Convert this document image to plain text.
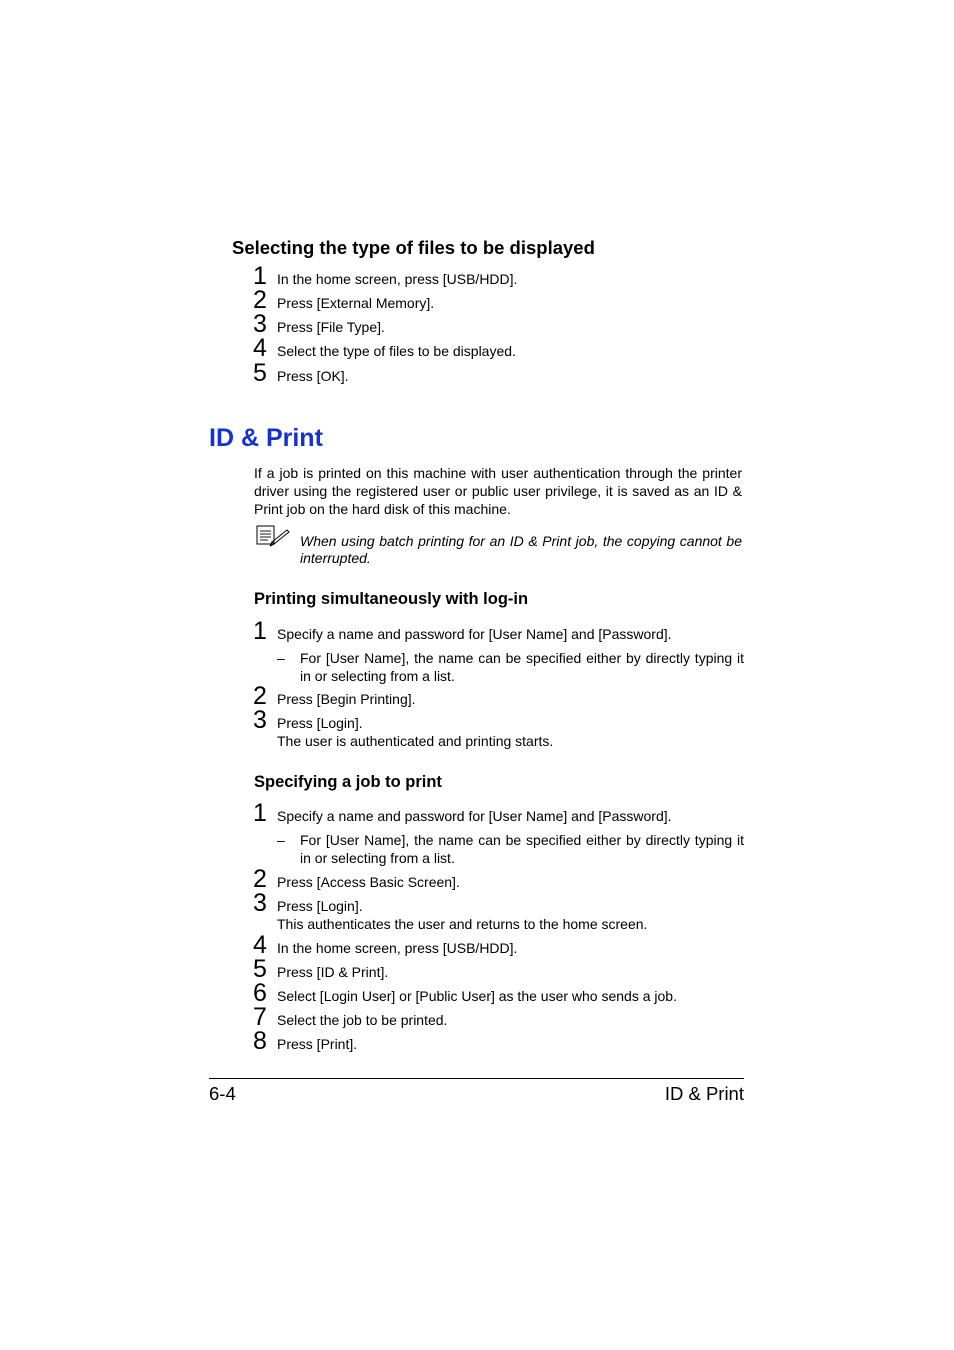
Selecting the type of files to be displayed
1 In the home screen, press [USB/HDD].
2 Press [External Memory].
3 Press [File Type].
4 Select the type of files to be displayed.
5 Press [OK].
ID & Print
If a job is printed on this machine with user authentication through the printer driver using the registered user or public user privilege, it is saved as an ID & Print job on the hard disk of this machine.
When using batch printing for an ID & Print job, the copying cannot be interrupted.
Printing simultaneously with log-in
1 Specify a name and password for [User Name] and [Password].
– For [User Name], the name can be specified either by directly typing it in or selecting from a list.
2 Press [Begin Printing].
3 Press [Login].
The user is authenticated and printing starts.
Specifying a job to print
1 Specify a name and password for [User Name] and [Password].
– For [User Name], the name can be specified either by directly typing it in or selecting from a list.
2 Press [Access Basic Screen].
3 Press [Login].
This authenticates the user and returns to the home screen.
4 In the home screen, press [USB/HDD].
5 Press [ID & Print].
6 Select [Login User] or [Public User] as the user who sends a job.
7 Select the job to be printed.
8 Press [Print].
6-4	ID & Print
